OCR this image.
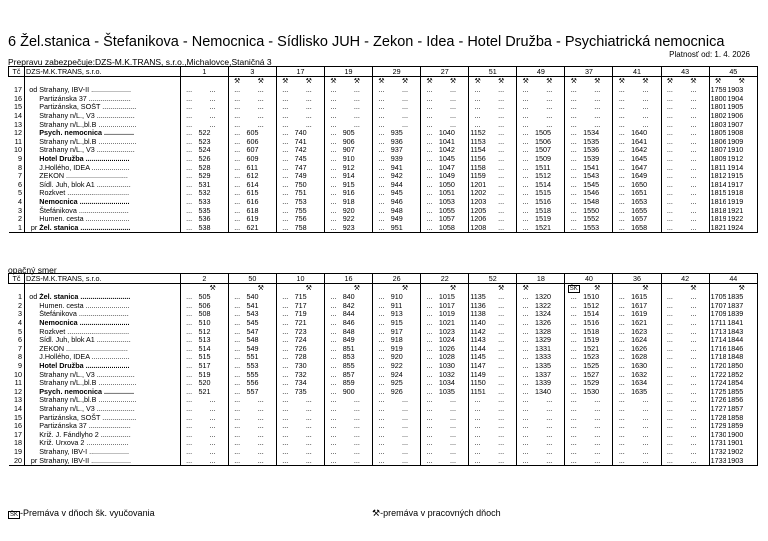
6 Žel.stanica - Štefanikova - Nemocnica - Sídlisko JUH - Zekon - Idea - Hotel Družba - Psychiatrická nemocnica
Platnosť od: 1. 4. 2026
Prepravu zabezpečuje:DZS-M.K.TRANS, s.r.o.,Michalovce,Staničná 3
Tč	DZS-M.K.TRANS, s.r.o.		1		3		17		19		29		27		51		49		37		41		43		45	
					⚒	⚒	⚒	⚒	⚒	⚒	⚒	⚒	⚒	⚒	⚒	⚒	⚒	⚒	⚒	⚒	⚒	⚒	⚒	⚒	⚒	⚒
17	od	Strahany, IBV-II ....................	...	...	...	...	...	...	...	...	...	...	...	...	...	...	...	...	...	...	...	...	...	...	1759	1903
16		Partizánska 37 .....................	...	...	...	...	...	...	...	...	...	...	...	...	...	...	...	...	...	...	...	...	...	...	1800	1904
15		Partizánska, SOŠT .................	...	...	...	...	...	...	...	...	...	...	...	...	...	...	...	...	...	...	...	...	...	...	1801	1905
14		Strahany n/L., V3 ...................	...	...	...	...	...	...	...	...	...	...	...	...	...	...	...	...	...	...	...	...	...	...	1802	1906
13		Strahany n/L.,bl.B ...................	...	...	...	...	...	...	...	...	...	...	...	...	...	...	...	...	...	...	...	...	...	...	1803	1907
12		Psych. nemocnica ...............	...	522	...	605	...	740	...	905	...	935	...	1040	1152	...	...	1505	...	1534	...	1640	...	...	1805	1908
11		Strahany n/L.,bl.B ...................	...	523	...	606	...	741	...	906	...	936	...	1041	1153	...	...	1506	...	1535	...	1641	...	...	1806	1909
10		Strahany n/L., V3 ...................	...	524	...	607	...	742	...	907	...	937	...	1042	1154	...	...	1507	...	1536	...	1642	...	...	1807	1910
9		Hotel Družba ......................	...	526	...	609	...	745	...	910	...	939	...	1045	1156	...	...	1509	...	1539	...	1645	...	...	1809	1912
8		J.Hollého, IDEA ...................	...	528	...	611	...	747	...	912	...	941	...	1047	1158	...	...	1511	...	1541	...	1647	...	...	1811	1914
7		ZEKON ...............................	...	529	...	612	...	749	...	914	...	942	...	1049	1159	...	...	1512	...	1543	...	1649	...	...	1812	1915
6		Sídl. Juh, blok A1 .................	...	531	...	614	...	750	...	915	...	944	...	1050	1201	...	...	1514	...	1545	...	1650	...	...	1814	1917
5		Rozkvet ...............................	...	532	...	615	...	751	...	916	...	945	...	1051	1202	...	...	1515	...	1546	...	1651	...	...	1815	1918
4		Nemocnica .........................	...	533	...	616	...	753	...	918	...	946	...	1053	1203	...	...	1516	...	1548	...	1653	...	...	1816	1919
3		Štefánikova .........................	...	535	...	618	...	755	...	920	...	948	...	1055	1205	...	...	1518	...	1550	...	1655	...	...	1818	1921
2		Humen. cesta ......................	...	536	...	619	...	756	...	922	...	949	...	1057	1206	...	...	1519	...	1552	...	1657	...	...	1819	1922
1	pr	Žel. stanica .........................	...	538	...	621	...	758	...	923	...	951	...	1058	1208	...	...	1521	...	1553	...	1658	...	...	1821	1924
opačný smer
Tč	DZS-M.K.TRANS, s.r.o.		2		50		10		16		26		22		52		18		40		36		42		44	
				⚒		⚒		⚒		⚒		⚒		⚒		⚒	⚒		ŠK	⚒		⚒		⚒		⚒
1	od	Žel. stanica .........................	...	505	...	540	...	715	...	840	...	910	...	1015	1135	...	...	1320	...	1510	...	1615	...	...	1705	1835
2		Humen. cesta ......................	...	506	...	541	...	717	...	842	...	911	...	1017	1136	...	...	1322	...	1512	...	1617	...	...	1707	1837
3		Štefánikova .........................	...	508	...	543	...	719	...	844	...	913	...	1019	1138	...	...	1324	...	1514	...	1619	...	...	1709	1839
4		Nemocnica .........................	...	510	...	545	...	721	...	846	...	915	...	1021	1140	...	...	1326	...	1516	...	1621	...	...	1711	1841
5		Rozkvet ...............................	...	512	...	547	...	723	...	848	...	917	...	1023	1142	...	...	1328	...	1518	...	1623	...	...	1713	1843
6		Sídl. Juh, blok A1 .................	...	513	...	548	...	724	...	849	...	918	...	1024	1143	...	...	1329	...	1519	...	1624	...	...	1714	1844
7		ZEKON ...............................	...	514	...	549	...	726	...	851	...	919	...	1026	1144	...	...	1331	...	1521	...	1626	...	...	1716	1846
8		J.Hollého, IDEA ...................	...	515	...	551	...	728	...	853	...	920	...	1028	1145	...	...	1333	...	1523	...	1628	...	...	1718	1848
9		Hotel Družba ......................	...	517	...	553	...	730	...	855	...	922	...	1030	1147	...	...	1335	...	1525	...	1630	...	...	1720	1850
10		Strahany n/L., V3 ...................	...	519	...	555	...	732	...	857	...	924	...	1032	1149	...	...	1337	...	1527	...	1632	...	...	1722	1852
11		Strahany n/L.,bl.B ...................	...	520	...	556	...	734	...	859	...	925	...	1034	1150	...	...	1339	...	1529	...	1634	...	...	1724	1854
12		Psych. nemocnica ...............	...	521	...	557	...	735	...	900	...	926	...	1035	1151	...	...	1340	...	1530	...	1635	...	...	1725	1855
13		Strahany n/L.,bl.B ...................	...	...	...	...	...	...	...	...	...	...	...	...	...	...	...	...	...	...	...	...	...	...	1726	1856
14		Strahany n/L., V3 ...................	...	...	...	...	...	...	...	...	...	...	...	...	...	...	...	...	...	...	...	...	...	...	1727	1857
15		Partizánska, SOŠT .................	...	...	...	...	...	...	...	...	...	...	...	...	...	...	...	...	...	...	...	...	...	...	1728	1858
16		Partizánska 37 .....................	...	...	...	...	...	...	...	...	...	...	...	...	...	...	...	...	...	...	...	...	...	...	1729	1859
17		Križ. J. Fándlyho 2 ...............	...	...	...	...	...	...	...	...	...	...	...	...	...	...	...	...	...	...	...	...	...	...	1730	1900
18		Križ. Urxova 2 .....................	...	...	...	...	...	...	...	...	...	...	...	...	...	...	...	...	...	...	...	...	...	...	1731	1901
19		Strahany, IBV-I ....................	...	...	...	...	...	...	...	...	...	...	...	...	...	...	...	...	...	...	...	...	...	...	1732	1902
20	pr	Strahany, IBV-II ....................	...	...	...	...	...	...	...	...	...	...	...	...	...	...	...	...	...	...	...	...	...	...	1733	1903
ŠK -Premáva v dňoch šk. vyučovania	⚒-premáva v pracovných dňoch
